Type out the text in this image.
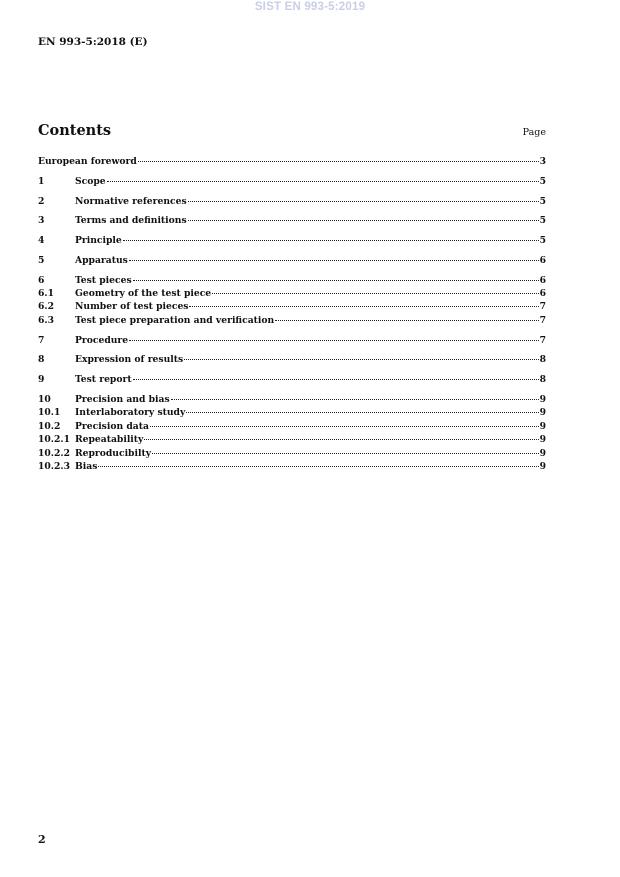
SIST EN 993-5:2019
EN 993-5:2018 (E)
Contents	Page
European foreword	3
1	Scope	5
2	Normative references	5
3	Terms and definitions	5
4	Principle	5
5	Apparatus	6
6	Test pieces	6
6.1	Geometry of the test piece	6
6.2	Number of test pieces	7
6.3	Test piece preparation and verification	7
7	Procedure	7
8	Expression of results	8
9	Test report	8
10	Precision and bias	9
10.1	Interlaboratory study	9
10.2	Precision data	9
10.2.1 Repeatability	9
10.2.2 Reproducibilty	9
10.2.3 Bias	9
2
